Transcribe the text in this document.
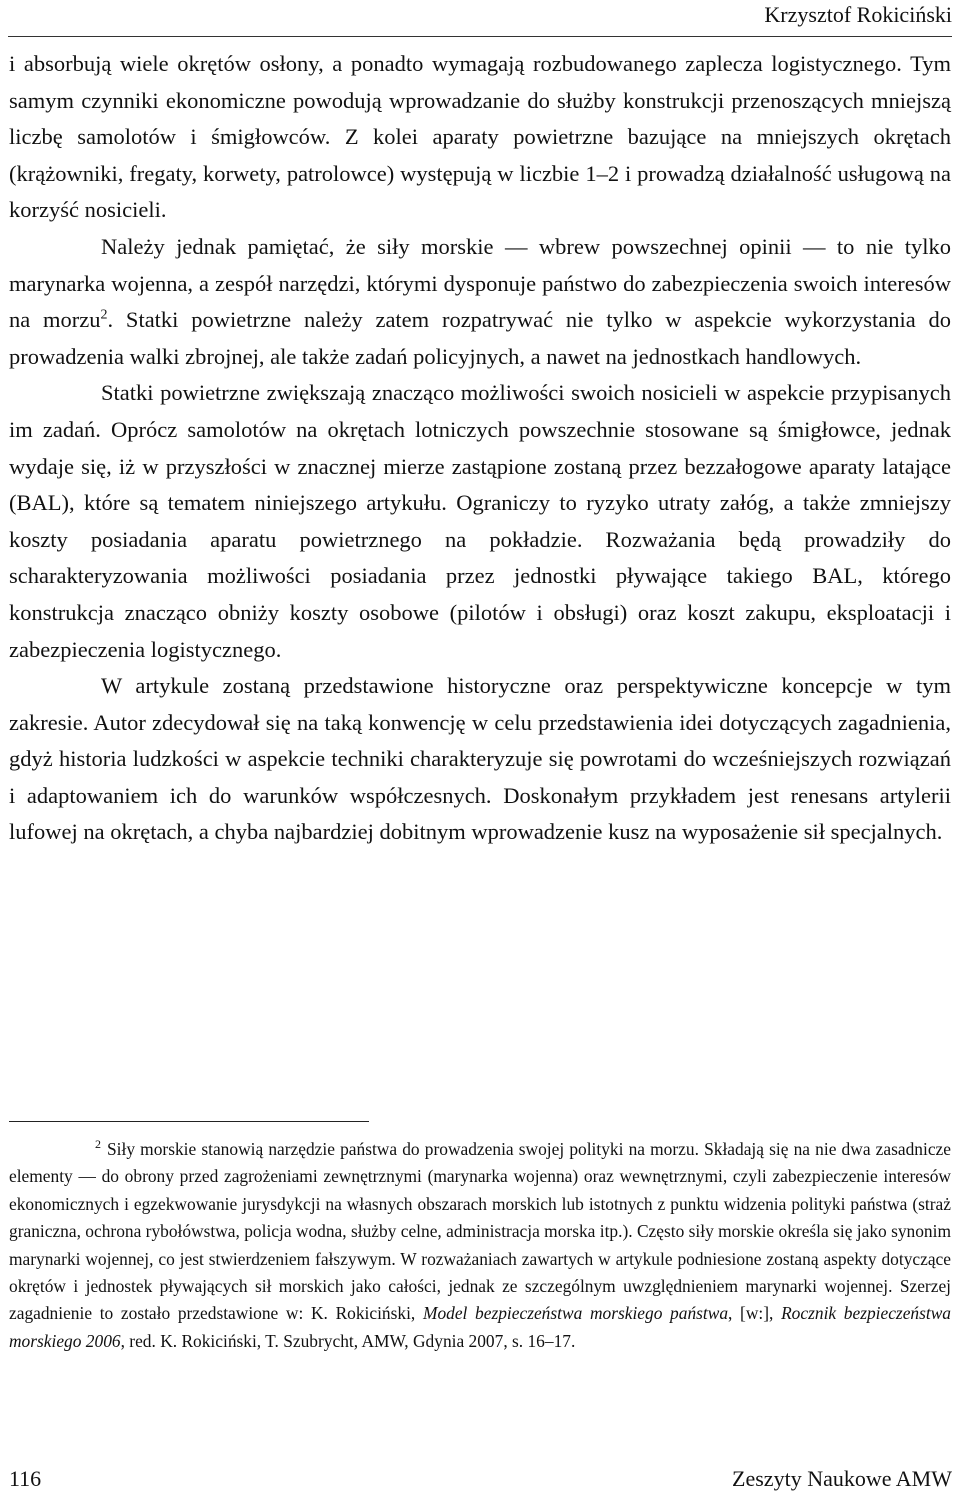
Krzysztof Rokiciński

i absorbują wiele okrętów osłony, a ponadto wymagają rozbudowanego zaplecza logistycznego. Tym samym czynniki ekonomiczne powodują wprowadzanie do służby konstrukcji przenoszących mniejszą liczbę samolotów i śmigłowców. Z kolei aparaty powietrzne bazujące na mniejszych okrętach (krążowniki, fregaty, korwety, patrolowce) występują w liczbie 1–2 i prowadzą działalność usługową na korzyść nosicieli.

Należy jednak pamiętać, że siły morskie — wbrew powszechnej opinii — to nie tylko marynarka wojenna, a zespół narzędzi, którymi dysponuje państwo do zabezpieczenia swoich interesów na morzu$^2$. Statki powietrzne należy zatem rozpatrywać nie tylko w aspekcie wykorzystania do prowadzenia walki zbrojnej, ale także zadań policyjnych, a nawet na jednostkach handlowych.

Statki powietrzne zwiększają znacząco możliwości swoich nosicieli w aspekcie przypisanych im zadań. Oprócz samolotów na okrętach lotniczych powszechnie stosowane są śmigłowce, jednak wydaje się, iż w przyszłości w znacznej mierze zastąpione zostaną przez bezzałogowe aparaty latające (BAL), które są tematem niniejszego artykułu. Ograniczy to ryzyko utraty załóg, a także zmniejszy koszty posiadania aparatu powietrznego na pokładzie. Rozważania będą prowadziły do scharakteryzowania możliwości posiadania przez jednostki pływające takiego BAL, którego konstrukcja znacząco obniży koszty osobowe (pilotów i obsługi) oraz koszt zakupu, eksploatacji i zabezpieczenia logistycznego.

W artykule zostaną przedstawione historyczne oraz perspektywiczne koncepcje w tym zakresie. Autor zdecydował się na taką konwencję w celu przedstawienia idei dotyczących zagadnienia, gdyż historia ludzkości w aspekcie techniki charakteryzuje się powrotami do wcześniejszych rozwiązań i adaptowaniem ich do warunków współczesnych. Doskonałym przykładem jest renesans artylerii lufowej na okrętach, a chyba najbardziej dobitnym wprowadzenie kusz na wyposażenie sił specjalnych.

$^2$ Siły morskie stanowią narzędzie państwa do prowadzenia swojej polityki na morzu. Składają się na nie dwa zasadnicze elementy — do obrony przed zagrożeniami zewnętrznymi (marynarka wojenna) oraz wewnętrznymi, czyli zabezpieczenie interesów ekonomicznych i egzekwowanie jurysdykcji na własnych obszarach morskich lub istotnych z punktu widzenia polityki państwa (straż graniczna, ochrona rybołówstwa, policja wodna, służby celne, administracja morska itp.). Często siły morskie określa się jako synonim marynarki wojennej, co jest stwierdzeniem fałszywym. W rozważaniach zawartych w artykule podniesione zostaną aspekty dotyczące okrętów i jednostek pływających sił morskich jako całości, jednak ze szczególnym uwzględnieniem marynarki wojennej. Szerzej zagadnienie to zostało przedstawione w: K. Rokiciński, Model bezpieczeństwa morskiego państwa, [w:], Rocznik bezpieczeństwa morskiego 2006, red. K. Rokiciński, T. Szubrycht, AMW, Gdynia 2007, s. 16–17.

116	Zeszyty Naukowe AMW
